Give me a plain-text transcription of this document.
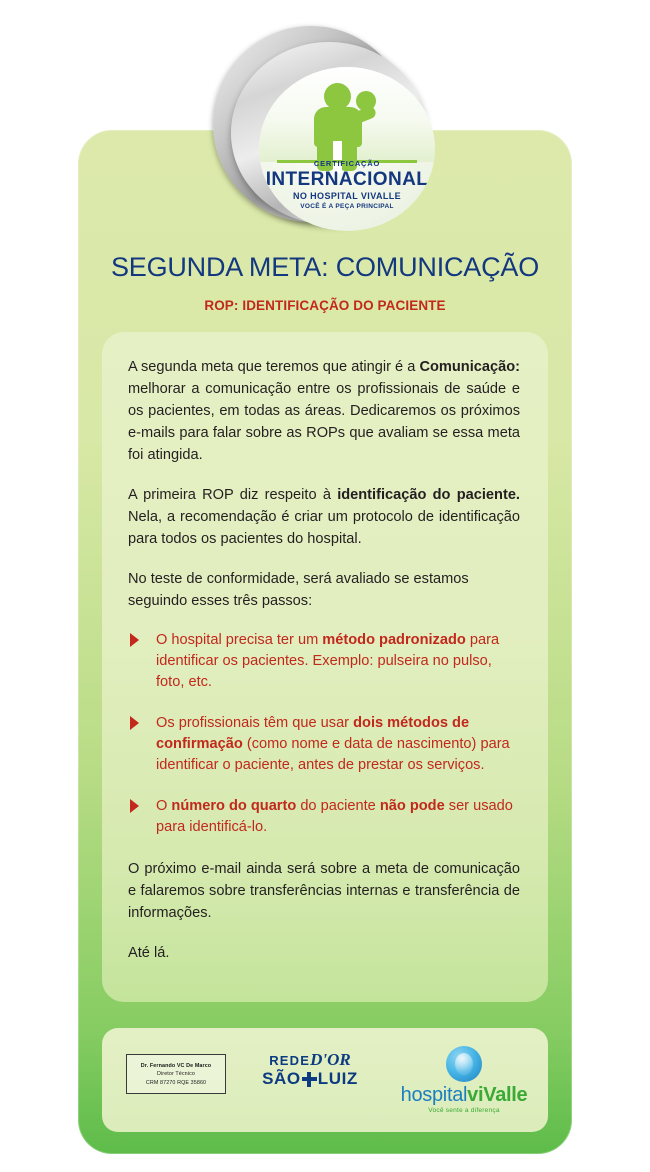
SEGUNDA META: COMUNICAÇÃO
ROP: IDENTIFICAÇÃO DO PACIENTE

A segunda meta que teremos que atingir é a Comunicação: melhorar a comunicação entre os profissionais de saúde e os pacientes, em todas as áreas. Dedicaremos os próximos e-mails para falar sobre as ROPs que avaliam se essa meta foi atingida.

A primeira ROP diz respeito à identificação do paciente. Nela, a recomendação é criar um protocolo de identificação para todos os pacientes do hospital.

No teste de conformidade, será avaliado se estamos seguindo esses três passos:

O hospital precisa ter um método padronizado para identificar os pacientes. Exemplo: pulseira no pulso, foto, etc.
Os profissionais têm que usar dois métodos de confirmação (como nome e data de nascimento) para identificar o paciente, antes de prestar os serviços.
O número do quarto do paciente não pode ser usado para identificá-lo.

O próximo e-mail ainda será sobre a meta de comunicação e falaremos sobre transferências internas e transferência de informações.

Até lá.

Dr. Fernando VC De Marco
Diretor Técnico
CRM 87270 RQE 35860
REDED'OR
SÃO LUIZ
hospitalviValle
Você sente a diferença
CERTIFICAÇÃO
INTERNACIONAL
NO HOSPITAL VIVALLE
VOCÊ É A PEÇA PRINCIPAL
